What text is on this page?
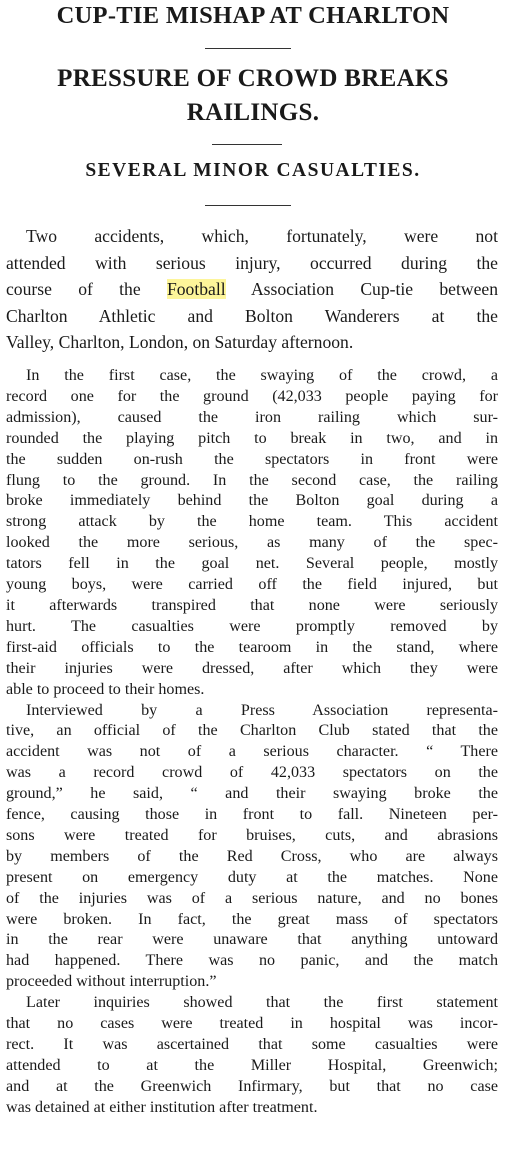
CUP-TIE MISHAP AT CHARLTON
PRESSURE OF CROWD BREAKS
RAILINGS.
SEVERAL MINOR CASUALTIES.
Two accidents, which, fortunately, were not
attended with serious injury, occurred during the
course of the Football Association Cup-tie between
Charlton Athletic and Bolton Wanderers at the
Valley, Charlton, London, on Saturday afternoon.
In the first case, the swaying of the crowd, a
record one for the ground (42,033 people paying for
admission), caused the iron railing which sur-
rounded the playing pitch to break in two, and in
the sudden on-rush the spectators in front were
flung to the ground. In the second case, the railing
broke immediately behind the Bolton goal during a
strong attack by the home team. This accident
looked the more serious, as many of the spec-
tators fell in the goal net. Several people, mostly
young boys, were carried off the field injured, but
it afterwards transpired that none were seriously
hurt. The casualties were promptly removed by
first-aid officials to the tearoom in the stand, where
their injuries were dressed, after which they were
able to proceed to their homes.
Interviewed by a Press Association representa-
tive, an official of the Charlton Club stated that the
accident was not of a serious character. “ There
was a record crowd of 42,033 spectators on the
ground,” he said, “ and their swaying broke the
fence, causing those in front to fall. Nineteen per-
sons were treated for bruises, cuts, and abrasions
by members of the Red Cross, who are always
present on emergency duty at the matches. None
of the injuries was of a serious nature, and no bones
were broken. In fact, the great mass of spectators
in the rear were unaware that anything untoward
had happened. There was no panic, and the match
proceeded without interruption.”
Later inquiries showed that the first statement
that no cases were treated in hospital was incor-
rect. It was ascertained that some casualties were
attended to at the Miller Hospital, Greenwich;
and at the Greenwich Infirmary, but that no case
was detained at either institution after treatment.
